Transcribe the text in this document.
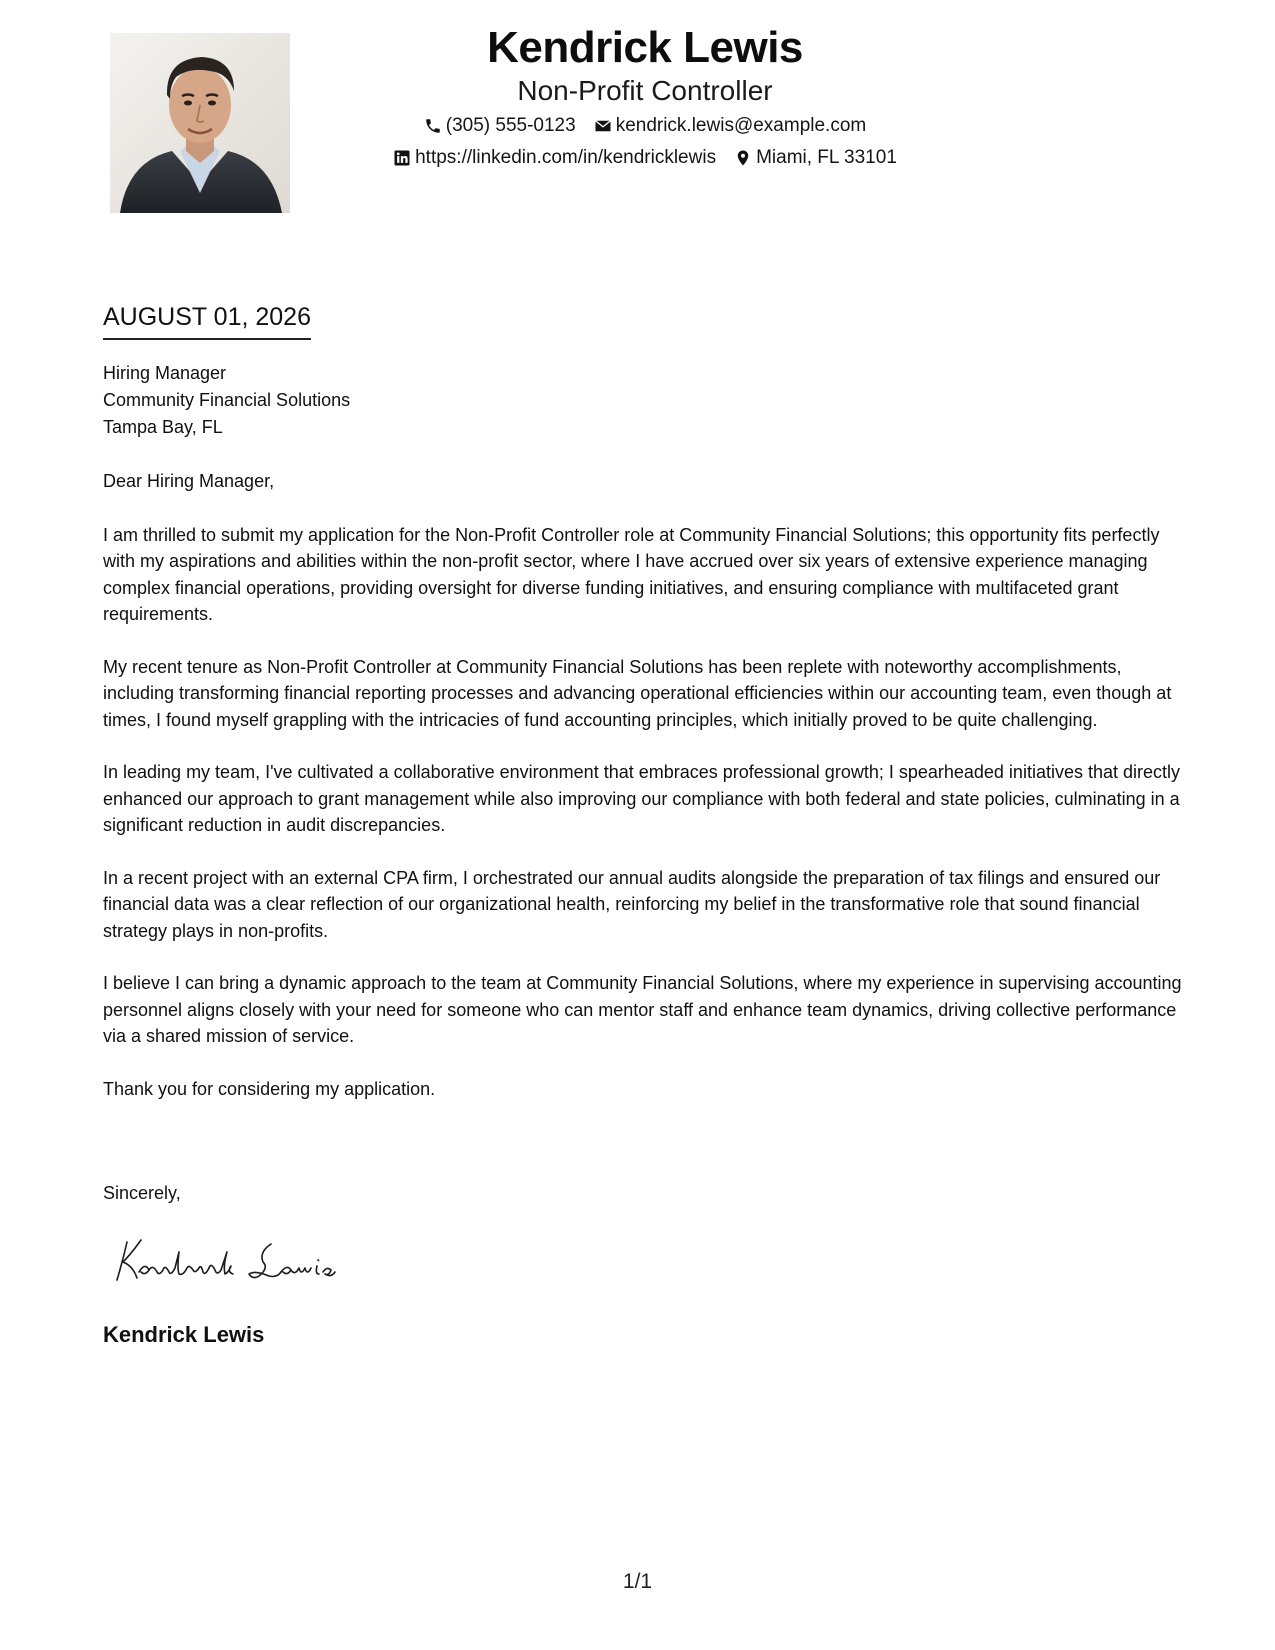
Kendrick Lewis
Non-Profit Controller
(305) 555-0123 kendrick.lewis@example.com
https://linkedin.com/in/kendricklewis Miami, FL 33101
AUGUST 01, 2026
Hiring Manager
Community Financial Solutions
Tampa Bay, FL

Dear Hiring Manager,

I am thrilled to submit my application for the Non-Profit Controller role at Community Financial Solutions; this opportunity fits perfectly with my aspirations and abilities within the non-profit sector, where I have accrued over six years of extensive experience managing complex financial operations, providing oversight for diverse funding initiatives, and ensuring compliance with multifaceted grant requirements.

My recent tenure as Non-Profit Controller at Community Financial Solutions has been replete with noteworthy accomplishments, including transforming financial reporting processes and advancing operational efficiencies within our accounting team, even though at times, I found myself grappling with the intricacies of fund accounting principles, which initially proved to be quite challenging.

In leading my team, I've cultivated a collaborative environment that embraces professional growth; I spearheaded initiatives that directly enhanced our approach to grant management while also improving our compliance with both federal and state policies, culminating in a significant reduction in audit discrepancies.

In a recent project with an external CPA firm, I orchestrated our annual audits alongside the preparation of tax filings and ensured our financial data was a clear reflection of our organizational health, reinforcing my belief in the transformative role that sound financial strategy plays in non-profits.

I believe I can bring a dynamic approach to the team at Community Financial Solutions, where my experience in supervising accounting personnel aligns closely with your need for someone who can mentor staff and enhance team dynamics, driving collective performance via a shared mission of service.

Thank you for considering my application.

Sincerely,
Kendrick Lewis
1/1
